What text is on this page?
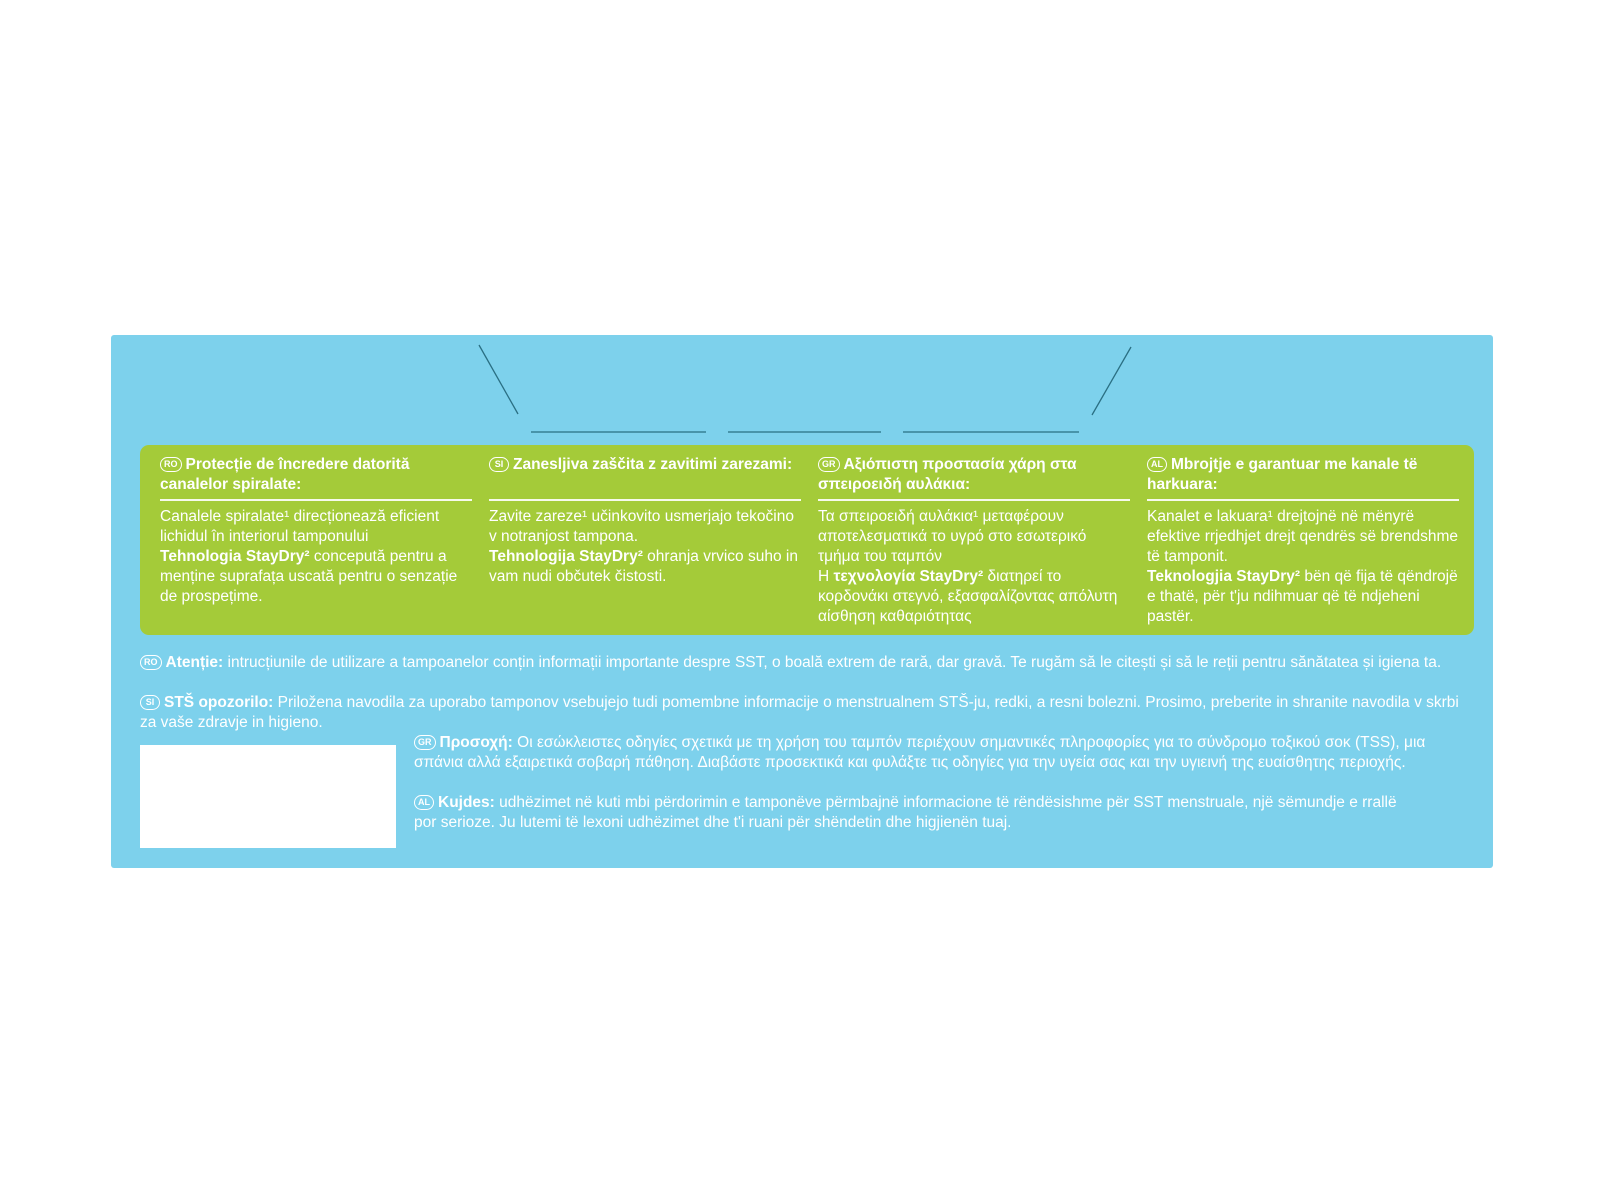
RO Protecție de încredere datorită canalelor spiralate:
Canalele spiralate¹ direcționează eficient lichidul în interiorul tamponului
Tehnologia StayDry² concepută pentru a menține suprafața uscată pentru o senzație de prospețime.
SI Zanesljiva zaščita z zavitimi zarezami:
Zavite zareze¹ učinkovito usmerjajo tekočino v notranjost tampona.
Tehnologija StayDry² ohranja vrvico suho in vam nudi občutek čistosti.
GR Αξιόπιστη προστασία χάρη στα σπειροειδή αυλάκια:
Τα σπειροειδή αυλάκια¹ μεταφέρουν αποτελεσματικά το υγρό στο εσωτερικό τμήμα του ταμπόν
Η τεχνολογία StayDry² διατηρεί το κορδονάκι στεγνό, εξασφαλίζοντας απόλυτη αίσθηση καθαριότητας
AL Mbrojtje e garantuar me kanale të harkuara:
Kanalet e lakuara¹ drejtojnë në mënyrë efektive rrjedhjet drejt qendrës së brendshme të tamponit.
Teknologjia StayDry² bën që fija të qëndrojë e thatë, për t'ju ndihmuar që të ndjeheni pastër.
RO Atenție: intrucțiunile de utilizare a tampoanelor conțin informații importante despre SST, o boală extrem de rară, dar gravă. Te rugăm să le citești și să le reții pentru sănătatea și igiena ta.
SI STŠ opozorilo: Priložena navodila za uporabo tamponov vsebujejo tudi pomembne informacije o menstrualnem STŠ-ju, redki, a resni bolezni. Prosimo, preberite in shranite navodila v skrbi za vaše zdravje in higieno.
GR Προσοχή: Οι εσώκλειστες οδηγίες σχετικά με τη χρήση του ταμπόν περιέχουν σημαντικές πληροφορίες για το σύνδρομο τοξικού σοκ (TSS), μια σπάνια αλλά εξαιρετικά σοβαρή πάθηση. Διαβάστε προσεκτικά και φυλάξτε τις οδηγίες για την υγεία σας και την υγιεινή της ευαίσθητης περιοχής.
AL Kujdes: udhëzimet në kuti mbi përdorimin e tamponëve përmbajnë informacione të rëndësishme për SST menstruale, një sëmundje e rrallë por serioze. Ju lutemi të lexoni udhëzimet dhe t'i ruani për shëndetin dhe higjienën tuaj.
